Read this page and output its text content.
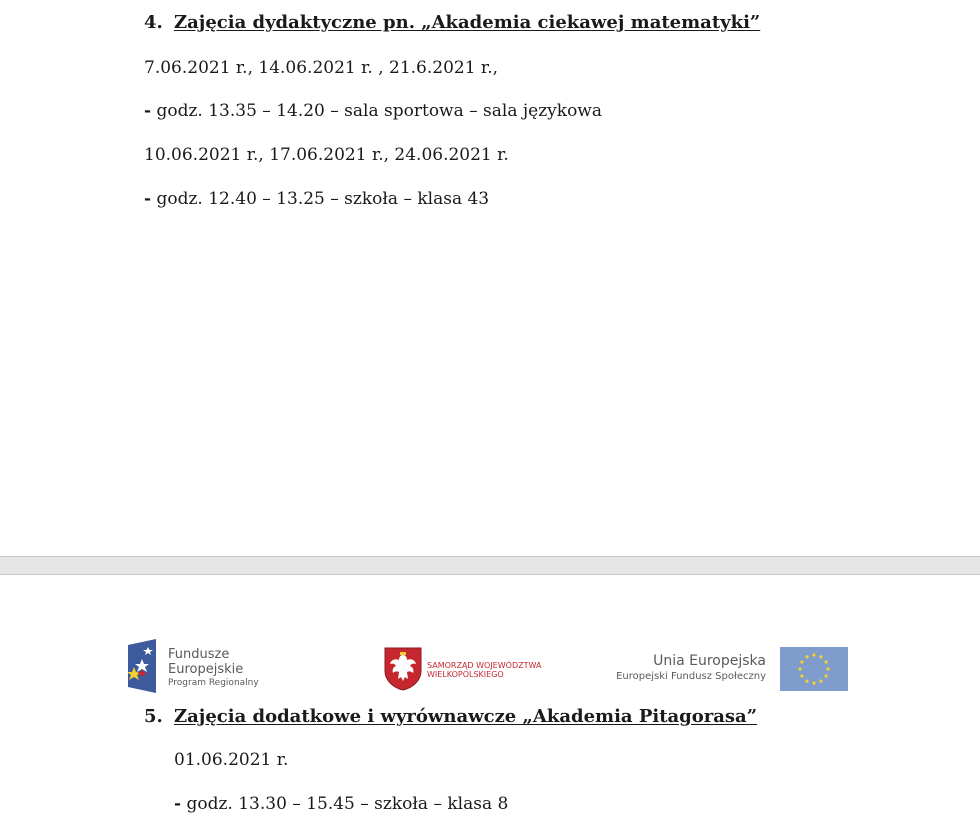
4. Zajęcia dydaktyczne pn. „Akademia ciekawej matematyki”
7.06.2021 r., 14.06.2021 r. , 21.6.2021 r.,
- godz. 13.35 – 14.20 – sala sportowa – sala językowa
10.06.2021 r., 17.06.2021 r., 24.06.2021 r.
- godz. 12.40 – 13.25 – szkoła – klasa 43
Fundusze
Europejskie
Program Regionalny
SAMORZĄD WOJEWÓDZTWA
WIELKOPOLSKIEGO
Unia Europejska
Europejski Fundusz Społeczny
5. Zajęcia dodatkowe i wyrównawcze „Akademia Pitagorasa”
01.06.2021 r.
- godz. 13.30 – 15.45 – szkoła – klasa 8
